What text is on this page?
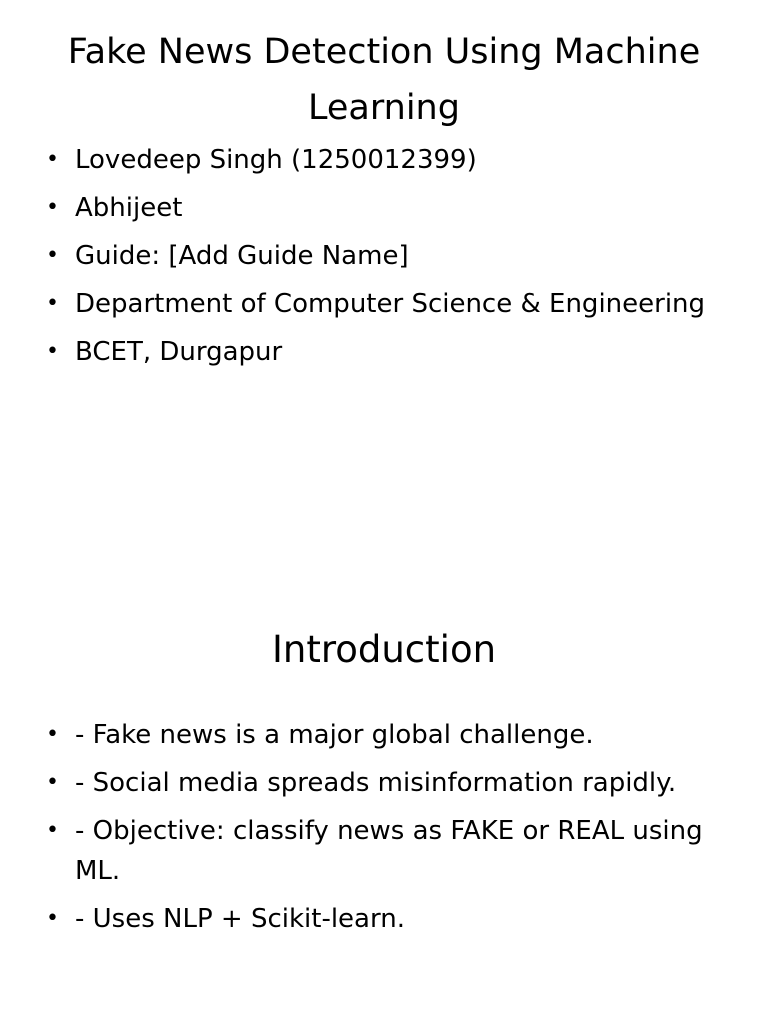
Fake News Detection Using Machine Learning
• Lovedeep Singh (1250012399)
• Abhijeet
• Guide: [Add Guide Name]
• Department of Computer Science & Engineering
• BCET, Durgapur
Introduction
• - Fake news is a major global challenge.
• - Social media spreads misinformation rapidly.
• - Objective: classify news as FAKE or REAL using ML.
• - Uses NLP + Scikit-learn.
